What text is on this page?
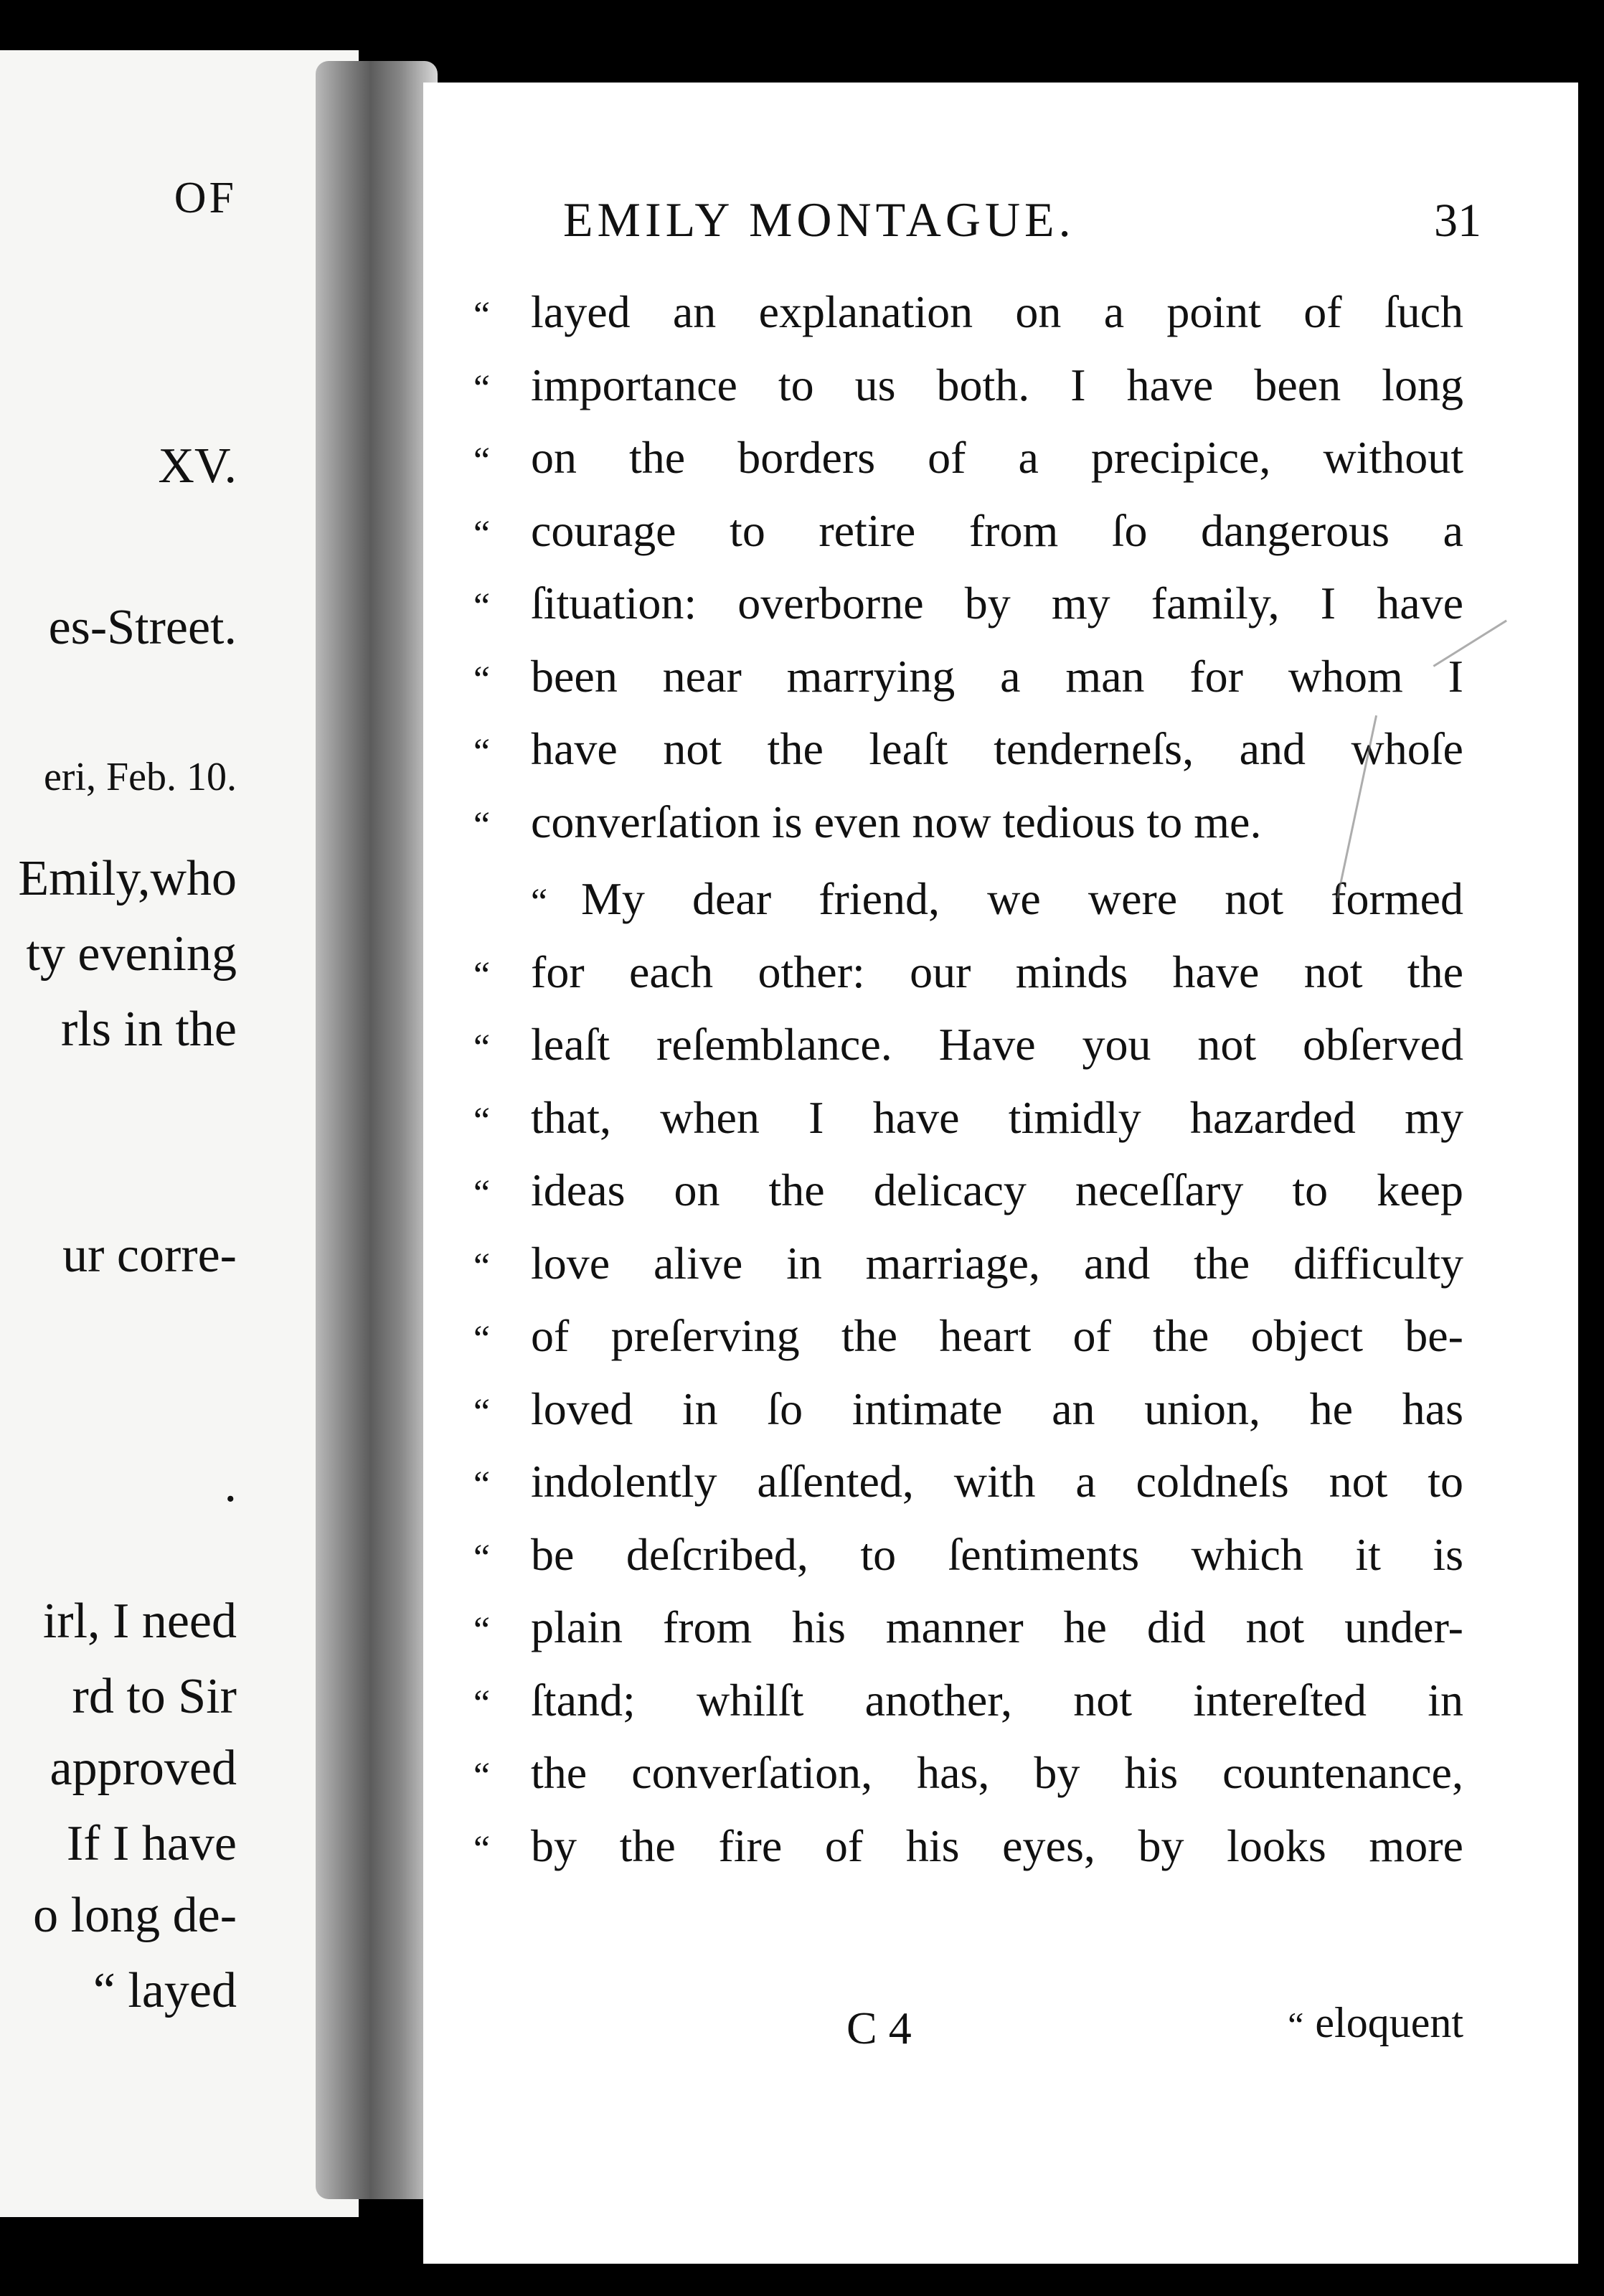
OF

XV.

es-Street.

eri, Feb. 10.

Emily,who

ty evening

rls in the

ur corre-

.

irl, I need

rd to Sir

approved

If I have

o long de-

“ layed

EMILY MONTAGUE.	31
“ layed an explanation on a point of ſuch
“ importance to us both. I have been long
“ on the borders of a precipice, without
“ courage to retire from ſo dangerous a
“ ſituation: overborne by my family, I have
“ been near marrying a man for whom I
“ have not the leaſt tenderneſs, and whoſe
“ converſation is even now tedious to me.
“ My dear friend, we were not formed
“ for each other: our minds have not the
“ leaſt reſemblance. Have you not obſerved
“ that, when I have timidly hazarded my
“ ideas on the delicacy neceſſary to keep
“ love alive in marriage, and the difficulty
“ of preſerving the heart of the object be-
“ loved in ſo intimate an union, he has
“ indolently aſſented, with a coldneſs not to
“ be deſcribed, to ſentiments which it is
“ plain from his manner he did not under-
“ ſtand; whilſt another, not intereſted in
“ the converſation, has, by his countenance,
“ by the fire of his eyes, by looks more

C 4	“ eloquent
